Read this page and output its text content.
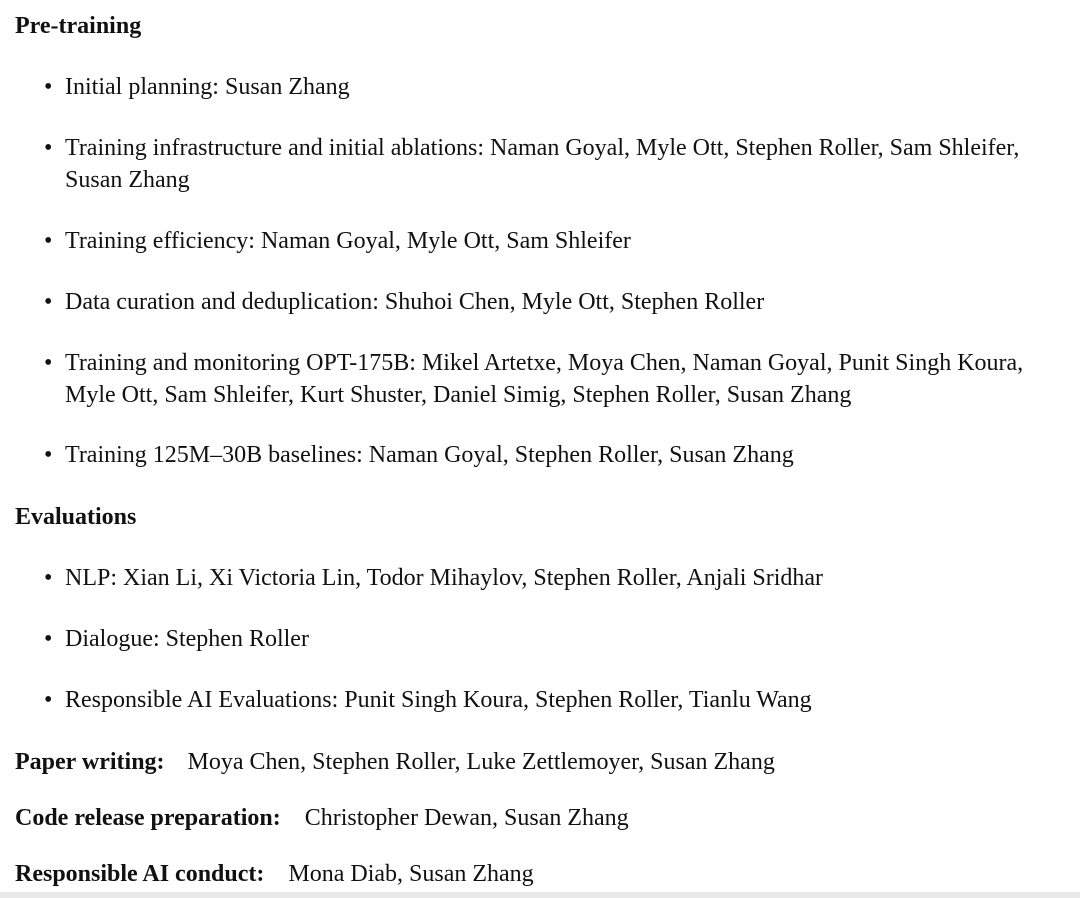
Pre-training
•
Initial planning: Susan Zhang
•
Training infrastructure and initial ablations: Naman Goyal, Myle Ott, Stephen Roller, Sam Shleifer, Susan Zhang
•
Training efficiency: Naman Goyal, Myle Ott, Sam Shleifer
•
Data curation and deduplication: Shuhoi Chen, Myle Ott, Stephen Roller
•
Training and monitoring OPT-175B: Mikel Artetxe, Moya Chen, Naman Goyal, Punit Singh Koura, Myle Ott, Sam Shleifer, Kurt Shuster, Daniel Simig, Stephen Roller, Susan Zhang
•
Training 125M–30B baselines: Naman Goyal, Stephen Roller, Susan Zhang
Evaluations
•
NLP: Xian Li, Xi Victoria Lin, Todor Mihaylov, Stephen Roller, Anjali Sridhar
•
Dialogue: Stephen Roller
•
Responsible AI Evaluations: Punit Singh Koura, Stephen Roller, Tianlu Wang
Paper writing: Moya Chen, Stephen Roller, Luke Zettlemoyer, Susan Zhang
Code release preparation: Christopher Dewan, Susan Zhang
Responsible AI conduct: Mona Diab, Susan Zhang
